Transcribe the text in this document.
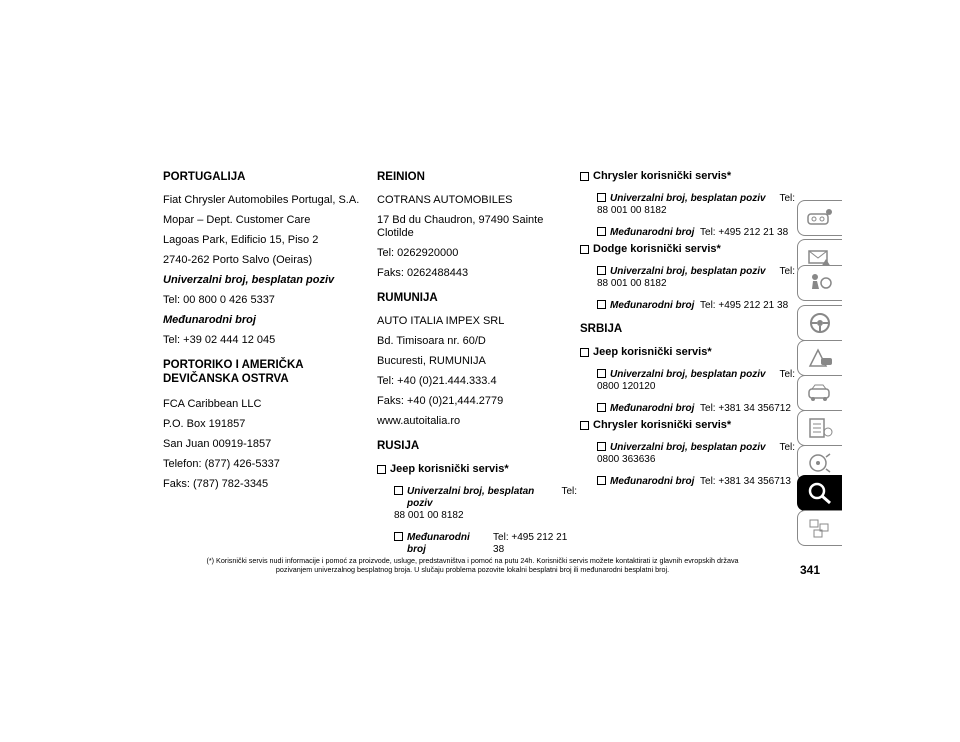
PORTUGALIJA
Fiat Chrysler Automobiles Portugal, S.A.
Mopar – Dept. Customer Care
Lagoas Park, Edificio 15, Piso 2
2740-262 Porto Salvo (Oeiras)
Univerzalni broj, besplatan poziv
Tel: 00 800 0 426 5337
Međunarodni broj
Tel: +39 02 444 12 045
PORTORIKO I AMERIČKA
DEVIČANSKA OSTRVA
FCA Caribbean LLC
P.O. Box 191857
San Juan 00919-1857
Telefon: (877) 426-5337
Faks: (787) 782-3345
REINION
COTRANS AUTOMOBILES
17 Bd du Chaudron, 97490 Sainte Clotilde
Tel: 0262920000
Faks: 0262488443
RUMUNIJA
AUTO ITALIA IMPEX SRL
Bd. Timisoara nr. 60/D
Bucuresti, RUMUNIJA
Tel: +40 (0)21.444.333.4
Faks: +40 (0)21,444.2779
www.autoitalia.ro
RUSIJA
Jeep korisnički servis*
Univerzalni broj, besplatan poziv
Tel:
88 001 00 8182
Međunarodni broj

Tel: +495 212 21 38
Chrysler korisnički servis*
Univerzalni broj, besplatan poziv Tel:
88 001 00 8182
Međunarodni broj
Tel: +495 212 21 38
Dodge korisnički servis*
Univerzalni broj, besplatan poziv Tel:
88 001 00 8182
Međunarodni broj
Tel: +495 212 21 38
SRBIJA
Jeep korisnički servis*
Univerzalni broj, besplatan poziv Tel:
0800 120120
Međunarodni broj
Tel: +381 34 356712
Chrysler korisnički servis*
Univerzalni broj, besplatan poziv Tel:
0800 363636
Međunarodni broj
Tel: +381 34 356713
(*) Korisnički servis nudi informacije i pomoć za proizvode, usluge, predstavništva i pomoć na putu 24h. Korisnički servis možete kontaktirati iz glavnih evropskih država
pozivanjem univerzalnog besplatnog broja. U slučaju problema pozovite lokalni besplatni broj ili međunarodni besplatni broj.	341
